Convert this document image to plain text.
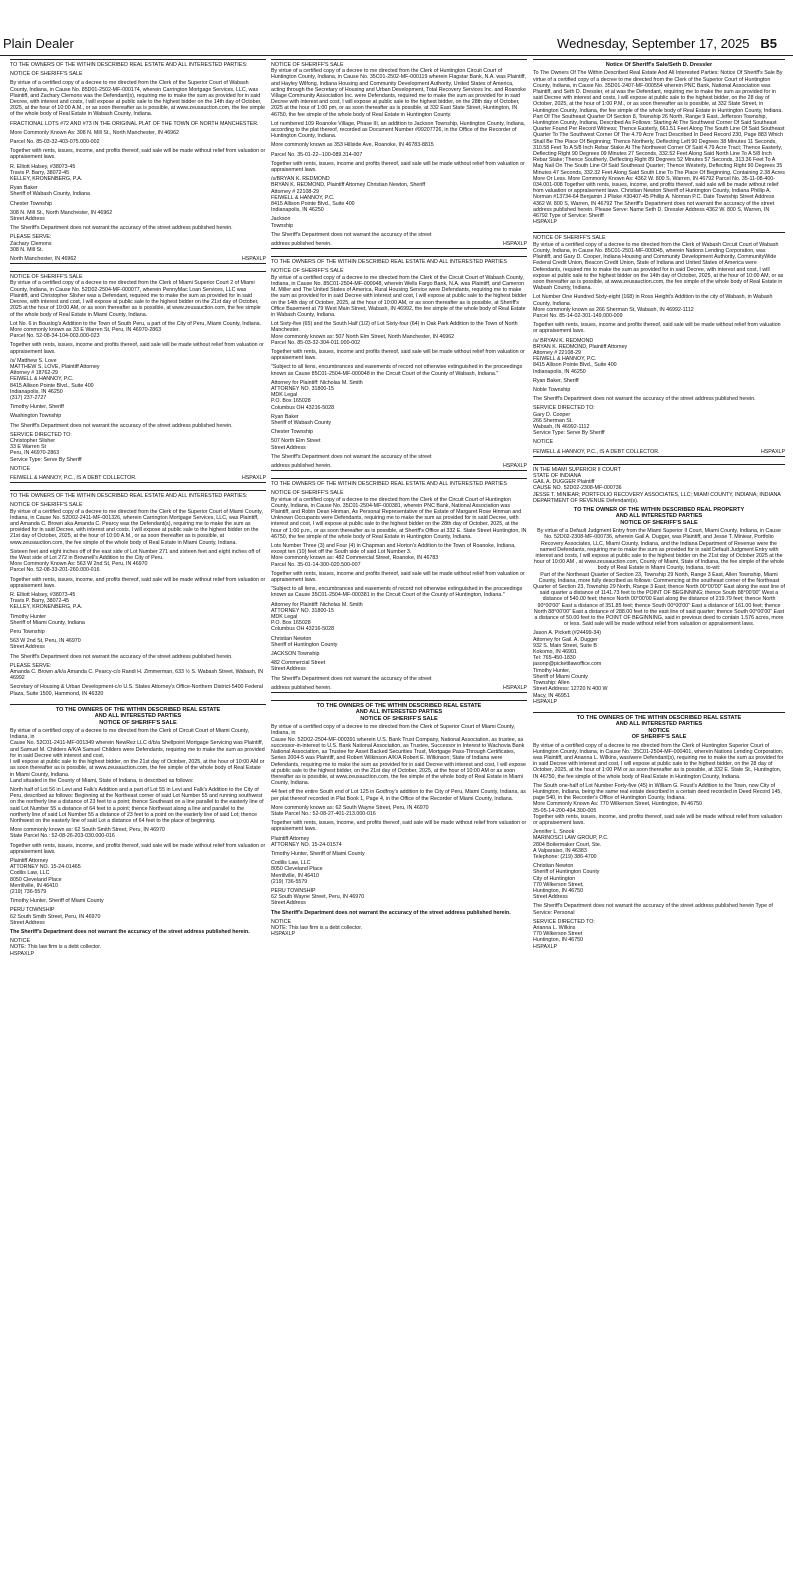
Plain Dealer	Wednesday, September 17, 2025 B5

TO THE OWNERS OF THE WITHIN DESCRIBED REAL ESTATE AND ALL INTERESTED PARTIES:

NOTICE OF SHERIFF'S SALE

By virtue of a certified copy of a decree to me directed from the Clerk of the Superior Court of Wabash County, Indiana, in Cause No. 85D01-2502-MF-000174, wherein Carrington Mortgage Services, LLC, was Plaintiff, and Zachary Clemons was the Defendant(s), requiring me to make the sum as provided for in said Decree, with interest and costs, I will expose at public sale to the highest bidder on the 14th day of October, 2025, at the hour of 10:00 A.M., or as soon thereafter as is possible, at www.zeusauction.com, the fee simple of the whole body of Real Estate in Wabash County, Indiana.

FRACTIONAL LOTS #72 AND #73 IN THE ORIGINAL PLAT OF THE TOWN OF NORTH MANCHESTER.

More Commonly Known As: 308 N. Mill St., North Manchester, IN 46962

Parcel No. 85-03-32-403-075.000-002

Together with rents, issues, income, and profits thereof, said sale will be made without relief from valuation or appraisement laws.

R. Elliott Halsey, #38073-45
Travis P. Barry, 38072-45
KELLEY, KRONENBERG, P.A.

Ryan Baker
Sheriff of Wabash County, Indiana

Chester Township

308 N. Mill St., North Manchester, IN 46962
Street Address

The Sheriff's Department does not warrant the accuracy of the street address published herein.

PLEASE SERVE:
Zachary Clemons
308 N. Mill St.

North Manchester, IN 46962	HSPAXLP

NOTICE OF SHERIFF'S SALE
By virtue of a certified copy of a decree to me directed from the Clerk of Miami Superior Court 2 of Miami County, Indiana, in Cause No. 52D02-2504-MF-000077, wherein PennyMac Loan Services, LLC was Plaintiff, and Christopher Slisher was a Defendant, required me to make the sum as provided for in said Decree, with interest and cost, I will expose at public sale to the highest bidder on the 21st day of October, 2025 at the hour of 10:00 AM, or as soon thereafter as is possible, at www.zeusauction.com, the fee simple of the whole body of Real Estate in Miami County, Indiana.

Lot No. 6 in Bouslog's Addition to the Town of South Peru, a part of the City of Peru, Miami County, Indiana.
More commonly known as 33 E Warren St, Peru, IN 46970-2863
Parcel No. 52-08-34-104-003.000-023

Together with rents, issues, income and profits thereof, said sale will be made without relief from valuation or appraisement laws.

/s/ Matthew S. Love
MATTHEW S. LOVE, Plaintiff Attorney
Attorney # 18762-29
FEIWELL & HANNOY, P.C.
8415 Allison Pointe Blvd., Suite 400
Indianapolis, IN 46250
(317) 237-2727

Timothy Hunter, Sheriff

Washington Township

The Sheriff's Department does not warrant the accuracy of the street address published herein.

SERVICE DIRECTED TO:
Christopher Slisher
33 E Warren St
Peru, IN 46970-2863
Service Type: Serve By Sheriff

NOTICE

FEIWELL & HANNOY, P.C., IS A DEBT COLLECTOR.	HSPAXLP

TO THE OWNERS OF THE WITHIN DESCRIBED REAL ESTATE AND ALL INTERESTED PARTIES:

NOTICE OF SHERIFF'S SALE
By virtue of a certified copy of a decree to me directed from the Clerk of the Superior Court of Miami County, Indiana, in Cause No. 52D02-2411-MF-001326, wherein Carrington Mortgage Services, LLC, was Plaintiff, and Amanda C. Brown aka Amanda C. Pearcy was the Defendant(s), requiring me to make the sum as provided for in said Decree, with interest and costs, I will expose at public sale to the highest bidder on the 21st day of October, 2025, at the hour of 10:00 A.M., or as soon thereafter as is possible, at www.zeusauction.com, the fee simple of the whole body of Real Estate in Miami County, Indiana.

Sixteen feet and eight inches off of the east side of Lot Number 271 and sixteen feet and eight inches off of the West side of Lot 272 in Brownell's Addition to the City of Peru.
More Commonly Known As: 563 W 2nd St, Peru, IN 46970
Parcel No. 52-08-33-201-260.000-016

Together with rents, issues, income, and profits thereof, said sale will be made without relief from valuation or appraisement laws.

R. Elliott Halsey, #38073-45
Travis P. Barry, 38072-45
KELLEY, KRONENBERG, P.A.

Timothy Hunter
Sheriff of Miami County, Indiana

Peru Township

563 W 2nd St, Peru, IN 46970
Street Address

The Sheriff's Department does not warrant the accuracy of the street address published herein.

PLEASE SERVE:
Amanda C. Brown a/k/a Amanda C. Pearcy-c/o Randi H. Zimmerman, 633 ½ S. Wabash Street, Wabash, IN 46992

Secretary of Housing & Urban Development-c/o U.S. States Attorney's Office-Northern District-5400 Federal Plaza, Suite 1500, Hammond, IN 46320

TO THE OWNERS OF THE WITHIN DESCRIBED REAL ESTATE
AND ALL INTERESTED PARTIES
NOTICE OF SHERIFF'S SALE

By virtue of a certified copy of a decree to me directed from the Clerk of Circuit Court of Miami County, Indiana, in
Cause No. 52C01-2411-MF-001349 wherein NewRez LLC d/b/a Shellpoint Mortgage Servicing was Plaintiff, and Samuel M. Childers A/K/A Samuel Childers were Defendants, requiring me to make the sum as provided for in said Decree with interest and cost,
I will expose at public sale to the highest bidder, on the 21st day of October, 2025, at the hour of 10:00 AM or as soon thereafter as is possible, at www.zeusauction.com, the fee simple of the whole body of Real Estate in Miami County, Indiana.
Land situated in the County of Miami, State of Indiana, is described as follows:

North half of Lot 56 in Levi and Falk's Addition and a part of Lot 55 in Levi and Falk's Addition to the City of Peru, described as follows: Beginning at the Northeast corner of said Lot Number 55 and running southwest on the northerly line a distance of 23 feet to a point; thence Southeast on a line parallel to the easterly line of said Lot Number 55 a distance of 64 feet to a point; thence Northeast along a line and parallel to the northerly line of said Lot Number 55 a distance of 23 feet to a point on the easterly line of said Lot; thence Northwest on the easterly line of said Lot a distance of 64 feet to the place of beginning.

More commonly known as: 62 South Smith Street, Peru, IN 46970
State Parcel No.: 52-08-26-203-030.000-016

Together with rents, issues, income, and profits thereof, said sale will be made without relief from valuation or appraisement laws.

Plaintiff Attorney
ATTORNEY NO. 15-24-01465
Codilis Law, LLC
8050 Cleveland Place
Merrillville, IN 46410
(219) 736-5579

Timothy Hunter, Sheriff of Miami County

PERU TOWNSHIP
62 South Smith Street, Peru, IN 46970
Street Address

The Sheriff's Department does not warrant the accuracy of the street address published herein.

NOTICE
NOTE: This law firm is a debt collector.
HSPAXLP

NOTICE OF SHERIFF'S SALE
By virtue of a certified copy of a decree to me directed from the Clerk of Huntington Circuit Court of Huntington County, Indiana, in Cause No. 35C01-2502-MF-000119 wherein Flagstar Bank, N.A. was Plaintiff, and Hayley Wilfong, Indiana Housing and Community Development Authority, United States of America, acting through the Secretary of Housing and Urban Development, Total Recovery Services Inc. and Roanoke Village Community Association Inc. were Defendants, required me to make the sum as provided for in said Decree with interest and cost, I will expose at public sale to the highest bidder, on the 28th day of October, 2025 at the hour of 1:00 pm, or as soon thereafter as is possible, at 332 East State Street, Huntington, IN 46750, the fee simple of the whole body of Real Estate in Huntington County.

Lot numbered 109 Roanoke Village, Phase III, an addition to Jackson Township, Huntington County, Indiana, according to the plat thereof, recorded as Document Number #99207726, in the Office of the Recorder of Huntington County, Indiana.

More commonly known as 353 Hillside Ave, Roanoke, IN 46783-8815

Parcel No. 35-01-22--100-089.314-007

Together with rents, issues, income and profits thereof, said sale will be made without relief from valuation or appraisement laws.

/s/BRYAN K. REDMOND
BRYAN K. REDMOND, Plaintiff Attorney Christian Newton, Sheriff
Attorney # 22108-29
FEIWELL & HANNOY, P.C.
8415 Allison Pointe Blvd., Suite 400
Indianapolis, IN 46250

Jackson
Township

The Sheriff's Department does not warrant the accuracy of the street

address published herein.	HSPAXLP

TO THE OWNERS OF THE WITHIN DESCRIBED REAL ESTATE AND ALL INTERESTED PARTIES

NOTICE OF SHERIFF'S SALE
By virtue of a certified copy of a decree to me directed from the Clerk of the Circuit Court of Wabash County, Indiana, in Cause No. 85C01-2504-MF-000048, wherein Wells Fargo Bank, N.A. was Plaintiff, and Cameron M. Miller and The United States of America, Rural Housing Service were Defendants, requiring me to make the sum as provided for in said Decree with interest and cost, I will expose at public sale to the highest bidder on the 14th day of October, 2025, at the hour of 10:00 AM, or as soon thereafter as is possible, at Sheriff's Office Basement at 79 West Main Street, Wabash, IN 46992, the fee simple of the whole body of Real Estate in Wabash County, Indiana.

Lot Sixty-five (65) and the South Half (1/2) of Lot Sixty-four (64) in Oak Park Addition to the Town of North Manchester.
More commonly known as: 507 North Elm Street, North Manchester, IN 46962
Parcel No. 85-03-32-304-011.000-002

Together with rents, issues, income and profits thereof, said sale will be made without relief from valuation or appraisement laws.

"Subject to all liens, encumbrances and easements of record not otherwise extinguished in the proceedings known as Cause 85C01-2504-MF-000048 in the Circuit Court of the County of Wabash, Indiana."

Attorney for Plaintiff: Nicholas M. Smith
ATTORNEY NO. 31800-15
MDK Legal
P.O. Box 165028
Columbus OH 43216-5028

Ryan Baker
Sheriff of Wabash County

Chester Township

507 North Elm Street
Street Address

The Sheriff's Department does not warrant the accuracy of the street

address published herein.	HSPAXLP

TO THE OWNERS OF THE WITHIN DESCRIBED REAL ESTATE AND ALL INTERESTED PARTIES

NOTICE OF SHERIFF'S SALE
By virtue of a certified copy of a decree to me directed from the Clerk of the Circuit Court of Huntington County, Indiana, in Cause No. 35C01-2504-MF-000381, wherein PNC Bank, National Association was Plaintiff, and Robin Dean Hinman, As Personal Representative of the Estate of Margaret Rose Hinman and Unknown Occupants were Defendants, requiring me to make the sum as provided for in said Decree, with interest and cost, I will expose at public sale to the highest bidder on the 28th day of October, 2025, at the hour of 1:00 p.m., or as soon thereafter as is possible, at Sheriff's Office at 332 E. State Street Huntington, IN 46750, the fee simple of the whole body of Real Estate in Huntington County, Indiana.

Lots Number Three (3) and Four (4) in Chapman and Horton's Addition to the Town of Roanoke, Indiana, except ten (10) feet off the South side of said Lot Number 3.
More commonly known as: 482 Commercial Street, Roanoke, IN 46783
Parcel No. 35-01-14-300-020.500-007

Together with rents, issues, income and profits thereof, said sale will be made without relief from valuation or appraisement laws.

"Subject to all liens, encumbrances and easements of record not otherwise extinguished in the proceedings known as Cause 35C01-2504-MF-000381 in the Circuit Court of the County of Huntington, Indiana."

Attorney for Plaintiff: Nicholas M. Smith
ATTORNEY NO. 31800-15
MDK Legal
P.O. Box 165028
Columbus OH 43216-5028

Christian Newton
Sheriff of Huntington County

JACKSON Township

482 Commercial Street
Street Address

The Sheriff's Department does not warrant the accuracy of the street

address published herein.	HSPAXLP
TO THE OWNERS OF THE WITHIN DESCRIBED REAL ESTATE
AND ALL INTERESTED PARTIES
NOTICE OF SHERIFF'S SALE

By virtue of a certified copy of a decree to me directed from the Clerk of Superior Court of Miami County, Indiana, in
Cause No. 52D02-2504-MF-000391 wherein U.S. Bank Trust Company, National Association, as trustee, as successor-in-interest to U.S. Bank National Association, as Trustee, Successor in Interest to Wachovia Bank National Association, as Trustee for Asset Backed Securities Trust, Mortgage Pass-Through Certificates, Series 2004-5 was Plaintiff, and Robert Wilkinson A/K/A Robert E. Wilkinson; State of Indiana were Defendants, requiring me to make the sum as provided for in said Decree with interest and cost, I will expose at public sale to the highest bidder, on the 21st day of October, 2025, at the hour of 10:00 AM or as soon thereafter as is possible, at www.zeusauction.com, the fee simple of the whole body of Real Estate in Miami County, Indiana.

44 feet off the entire South end of Lot 125 in Godfroy's addition to the City of Peru, Miami County, Indiana, as per plat thereof recorded in Plat Book 1, Page 4, in the Office of the Recorder of Miami County, Indiana.

More commonly known as: 62 South Wayne Street, Peru, IN 46970
State Parcel No.: 52-08-27-401-213.000-016

Together with rents, issues, income, and profits thereof, said sale will be made without relief from valuation or appraisement laws.

Plaintiff Attorney
ATTORNEY NO. 15-24-01574

Timothy Hunter, Sheriff of Miami County

Codilis Law, LLC
8050 Cleveland Place
Merrillville, IN 46410
(219) 736-5579

PERU TOWNSHIP
62 South Wayne Street, Peru, IN 46970
Street Address

The Sheriff's Department does not warrant the accuracy of the street address published herein.

NOTICE
NOTE: This law firm is a debt collector.
HSPAXLP

Notice Of Sheriff's Sale/Seth D. Dressler

To The Owners Of The Within Described Real Estate And All Interested Parties: Notice Of Sheriff's Sale By virtue of a certified copy of a decree to me directed from the Clerk of the Superior Court of Huntington County, Indiana, in Cause No. 35D01-2407-MF-000554 wherein PNC Bank, National Association was Plaintiff, and Seth D. Dressler, et al was the Defendant, requiring me to make the sum as provided for in said Decree with interest and costs, I will expose at public sale to the highest bidder, on the 28 day of October, 2025, at the hour of 1:00 P.M., or as soon thereafter as is possible, at 332 State Street, in Huntington County, Indiana, the fee simple of the whole body of Real Estate in Huntington County, Indiana. Part Of The Southeast Quarter Of Section 8, Township 26 North, Range 9 East, Jefferson Township, Huntington County, Indiana, Described As Follows: Starting At The Southwest Corner Of Said Southeast Quarter Found Per Record Witness; Thence Easterly, 661.51 Feet Along The South Line Of Said Southeast Quarter To The Southwest Corner Of The 4.79 Acre Tract Described In Deed Record 230, Page 883 Which Shall Be The Place Of Beginning; Thence Northerly, Deflecting Left 90 Degrees 38 Minutes 11 Seconds, 310.58 Feet To A 5/8 Inch Rebar Stake At The Northwest Corner Of Said 4.79 Acre Tract; Thence Easterly, Deflecting Right 90 Degrees 09 Minutes 27 Seconds, 332.52 Feet Along Said North Line To A 5/8 Inch Rebar Stake; Thence Southerly, Deflecting Right 89 Degrees 52 Minutes 57 Seconds, 313.36 Feet To A Mag Nail On The South Line Of Said Southeast Quarter; Thence Westerly, Deflecting Right 90 Degrees 35 Minutes 47 Seconds, 332.32 Feet Along Said South Line To The Place Of Beginning. Containing 2.38 Acres More Or Less. More Commonly Known As: 4362 W. 800 S, Warren, IN 46792 Parcel No. 35-11-08-400-034.001-008 Together with rents, issues, income, and profits thereof, said sale will be made without relief from valuation or appraisement laws. Christian Newton Sheriff of Huntington County, Indiana Phillip A. Norman #13734-64 Benjamin J Pliske #30407-45 Phillip A. Norman P.C. Date Township Street Address 4362 W. 800 S, Warren, IN 46792 The Sheriff's Department does not warrant the accuracy of the street address published herein. Please Serve: Name Seth D. Dressler Address 4362 W. 800 S, Warren, IN 46792 Type of Service: Sheriff
HSPAXLP

NOTICE OF SHERIFF'S SALE
By virtue of a certified copy of a decree to me directed from the Clerk of Wabash Circuit Court of Wabash County, Indiana, in Cause No. 85C01-2501-MF-000045, wherein Nations Lending Corporation, was Plaintiff, and Gary D. Cooper, Indiana Housing and Community Development Authority, CommunityWide Federal Credit Union, Beacon Credit Union, State of Indiana and United States of America were Defendants, required me to make the sum as provided for in said Decree, with interest and cost, I will expose at public sale to the highest bidder on the 14th day of October, 2025, at the hour of 10:00 AM, or as soon thereafter as is possible, at www.zeusauction.com, the fee simple of the whole body of Real Estate in Wabash County, Indiana.

Lot Number One Hundred Sixty-eight (168) in Ross Height's Addition to the city of Wabash, in Wabash County, Indiana.
More commonly known as 266 Sherman St, Wabash, IN 46992-1112
Parcel No. 85-14-02-301-149.000-009

Together with rents, issues, income and profits thereof, said sale will be made without relief from valuation or appraisement laws.

/s/ BRYAN K. REDMOND
BRYAN K. REDMOND, Plaintiff Attorney
Attorney # 22108-29
FEIWELL & HANNOY, P.C.
8415 Allison Pointe Blvd., Suite 400
Indianapolis, IN 46250

Ryan Baker, Sheriff

Noble Township

The Sheriff's Department does not warrant the accuracy of the street address published herein.

SERVICE DIRECTED TO:
Gary D. Cooper
266 Sherman St.
Wabash, IN 46992-1112
Service Type: Serve By Sheriff

NOTICE

FEIWELL & HANNOY, P.C., IS A DEBT COLLECTOR.	HSPAXLP

IN THE MIAMI SUPERIOR II COURT
STATE OF INDIANA
GAIL A. DUGGER Plaintiff
CAUSE NO. 52D02-2308-MF-000736
JESSE T. MINIEAR; PORTFOLIO RECOVERY ASSOCIATES, LLC; MIAMI COUNTY, INDIANA; INDIANA DEPARTMENT OF REVENUE Defendant(s).

TO THE OWNER OF THE WITHIN DESCRIBED REAL PROPERTY
AND ALL INTERESTED PARTIES
NOTICE OF SHERIFF'S SALE

By virtue of a Default Judgment Entry from the Miami Superior II Court, Miami County, Indiana, in Cause No. 52D02-2308-MF-000736, wherein Gail A. Dugger, was Plaintiff, and Jesse T. Miniear, Portfolio Recovery Associates, LLC, Miami County, Indiana, and the Indiana Department of Revenue were the named Defendants, requiring me to make the sum as provided for in said Default Judgment Entry with interest and costs, I will expose at public sale to the highest bidder on the 21st day of October 2025 at the hour of 10:00 AM , at www.zeusauction.com, County of Miami, State of Indiana, the fee simple of the whole body of Real Estate in Miami County, Indiana, to-wit:
Part of the Northeast Quarter of Section 23, Township 29 North, Range 3 East, Allen Township, Miami County, Indiana, more fully described as follows: Commencing at the southeast corner of the Northeast Quarter of Section 23, Township 29 North, Range 3 East; thence North 00°00'00" East along the east line of said quarter a distance of 1141.73 feet to the POINT OF BEGINNING; thence South 88°00'00" West a distance of 540.00 feet; thence North 00°00'00 East along the distance of 219.79 feet; thence North 90°00'00" East a distance of 351.85 feet; thence South 00°00'00" East a distance of 161.00 feet; thence North 88°00'00" East a distance of 288.00 feet to the east line of said quarter; thence South 00°00'00" East a distance of 50.00 feet to the POINT OF BEGINNING, said in previous deed to contain 1.576 acres, more or less. Said sale will be made without relief from valuation or appraisement laws.

Jason A. Pickett (#24499-34)
Attorney for Gail. A. Dugger
932 S. Main Street, Suite B
Kokomo, IN 46901
Tel: 765-450-1830
jasonp@pickettlawoffice.com
Timothy Hunter,
Sheriff of Miami County
Township: Allen
Street Address: 12720 N 400 W
Macy, IN 46951
HSPAXLP

TO THE OWNERS OF THE WITHIN DESCRIBED REAL ESTATE
AND ALL INTERESTED PARTIES
NOTICE
OF SHERIFF'S SALE

By virtue of a certified copy of a decree to me directed from the Clerk of Huntington Superior Court of Huntington County, Indiana, in Cause No.: 35C01-2504-MF-000401, wherein Nations Lending Corporation, was Plaintiff, and Arianna L. Wilkins, was/were Defendant(s), requiring me to make the sum as provided for in said Decree with interest and cost, I will expose at public sale to the highest bidder, on the 28 day of October, 2025, at the hour of 1:00 PM or as soon thereafter as is possible, at 332 E. State St., Huntington, IN 46750, the fee simple of the whole body of Real Estate in Huntington County, Indiana.

The South one-half of Lot Number Forty-five (45) in William G. Foust's Addition to the Town, now City of Huntington, Indiana, being the same real estate described in a certain deed recorded in Deed Record 145, page 540, in the Recorder's Office of Huntington County, Indiana.
More Commonly Known As: 770 Wilkerson Street, Huntington, IN 46750
35-05-14-200-494.300-005
Together with rents, issues, income, and profits thereof, said sale will be made without relief from valuation or appraisement laws.

Jennifer L. Snook
MARINOSCI LAW GROUP, P.C.
2804 Boilermaker Court, Ste.
A Valparaiso, IN 46383
Telephone: (219) 386-4700

Christian Newton
Sheriff of Huntington County
City of Huntington
770 Wilkerson Street,
Huntington, IN 46750
Street Address

The Sheriff's Department does not warrant the accuracy of the street address published herein Type of Service: Personal

SERVICE DIRECTED TO:
Arianna L. Wilkins
770 Wilkerson Street
Huntington, IN 46750
HSPAXLP
